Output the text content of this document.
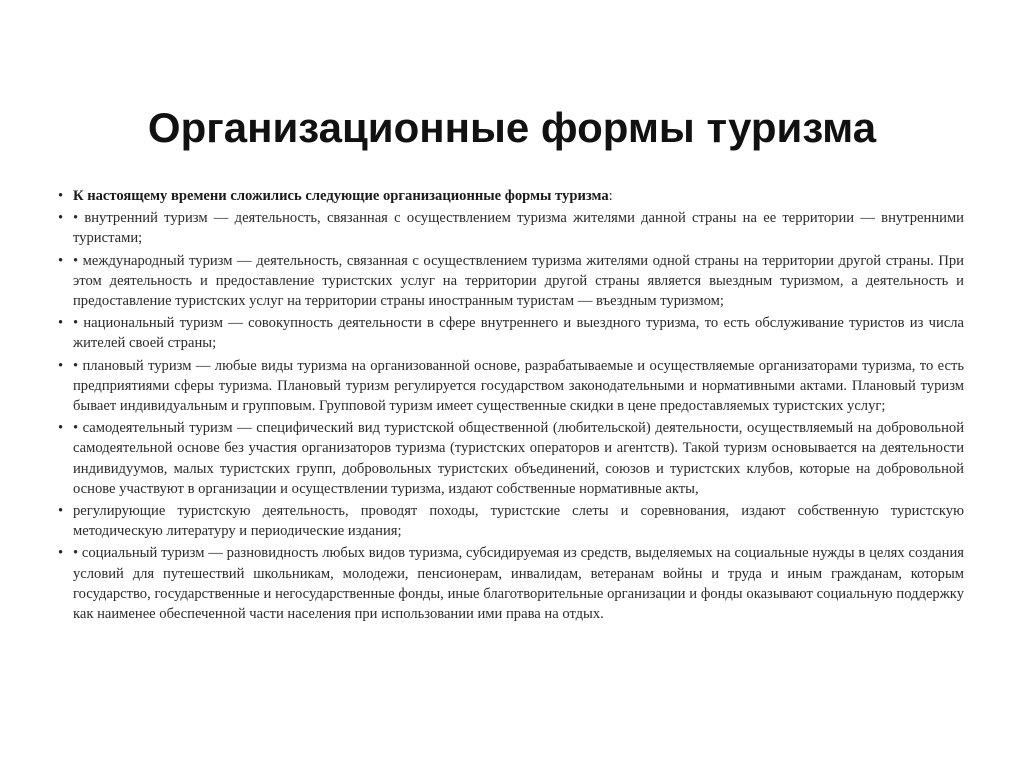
Организационные формы туризма
• К настоящему времени сложились следующие организационные формы туризма:
• • внутренний туризм — деятельность, связанная с осуществлением туризма жителями данной страны на ее территории — внутренними туристами;
• • международный туризм — деятельность, связанная с осуществлением туризма жителями одной страны на территории другой страны. При этом деятельность и предоставление туристских услуг на территории другой страны является выездным туризмом, а деятельность и предоставление туристских услуг на территории страны иностранным туристам — въездным туризмом;
• • национальный туризм — совокупность деятельности в сфере внутреннего и выездного туризма, то есть обслуживание туристов из числа жителей своей страны;
• • плановый туризм — любые виды туризма на организованной основе, разрабатываемые и осуществляемые организаторами туризма, то есть предприятиями сферы туризма. Плановый туризм регулируется государством законодательными и нормативными актами. Плановый туризм бывает индивидуальным и групповым. Групповой туризм имеет существенные скидки в цене предоставляемых туристских услуг;
• • самодеятельный туризм — специфический вид туристской общественной (любительской) деятельности, осуществляемый на добровольной самодеятельной основе без участия организаторов туризма (туристских операторов и агентств). Такой туризм основывается на деятельности индивидуумов, малых туристских групп, добровольных туристских объединений, союзов и туристских клубов, которые на добровольной основе участвуют в организации и осуществлении туризма, издают собственные нормативные акты,
• регулирующие туристскую деятельность, проводят походы, туристские слеты и соревнования, издают собственную туристскую методическую литературу и периодические издания;
• • социальный туризм — разновидность любых видов туризма, субсидируемая из средств, выделяемых на социальные нужды в целях создания условий для путешествий школьникам, молодежи, пенсионерам, инвалидам, ветеранам войны и труда и иным гражданам, которым государство, государственные и негосударственные фонды, иные благотворительные организации и фонды оказывают социальную поддержку как наименее обеспеченной части населения при использовании ими права на отдых.
